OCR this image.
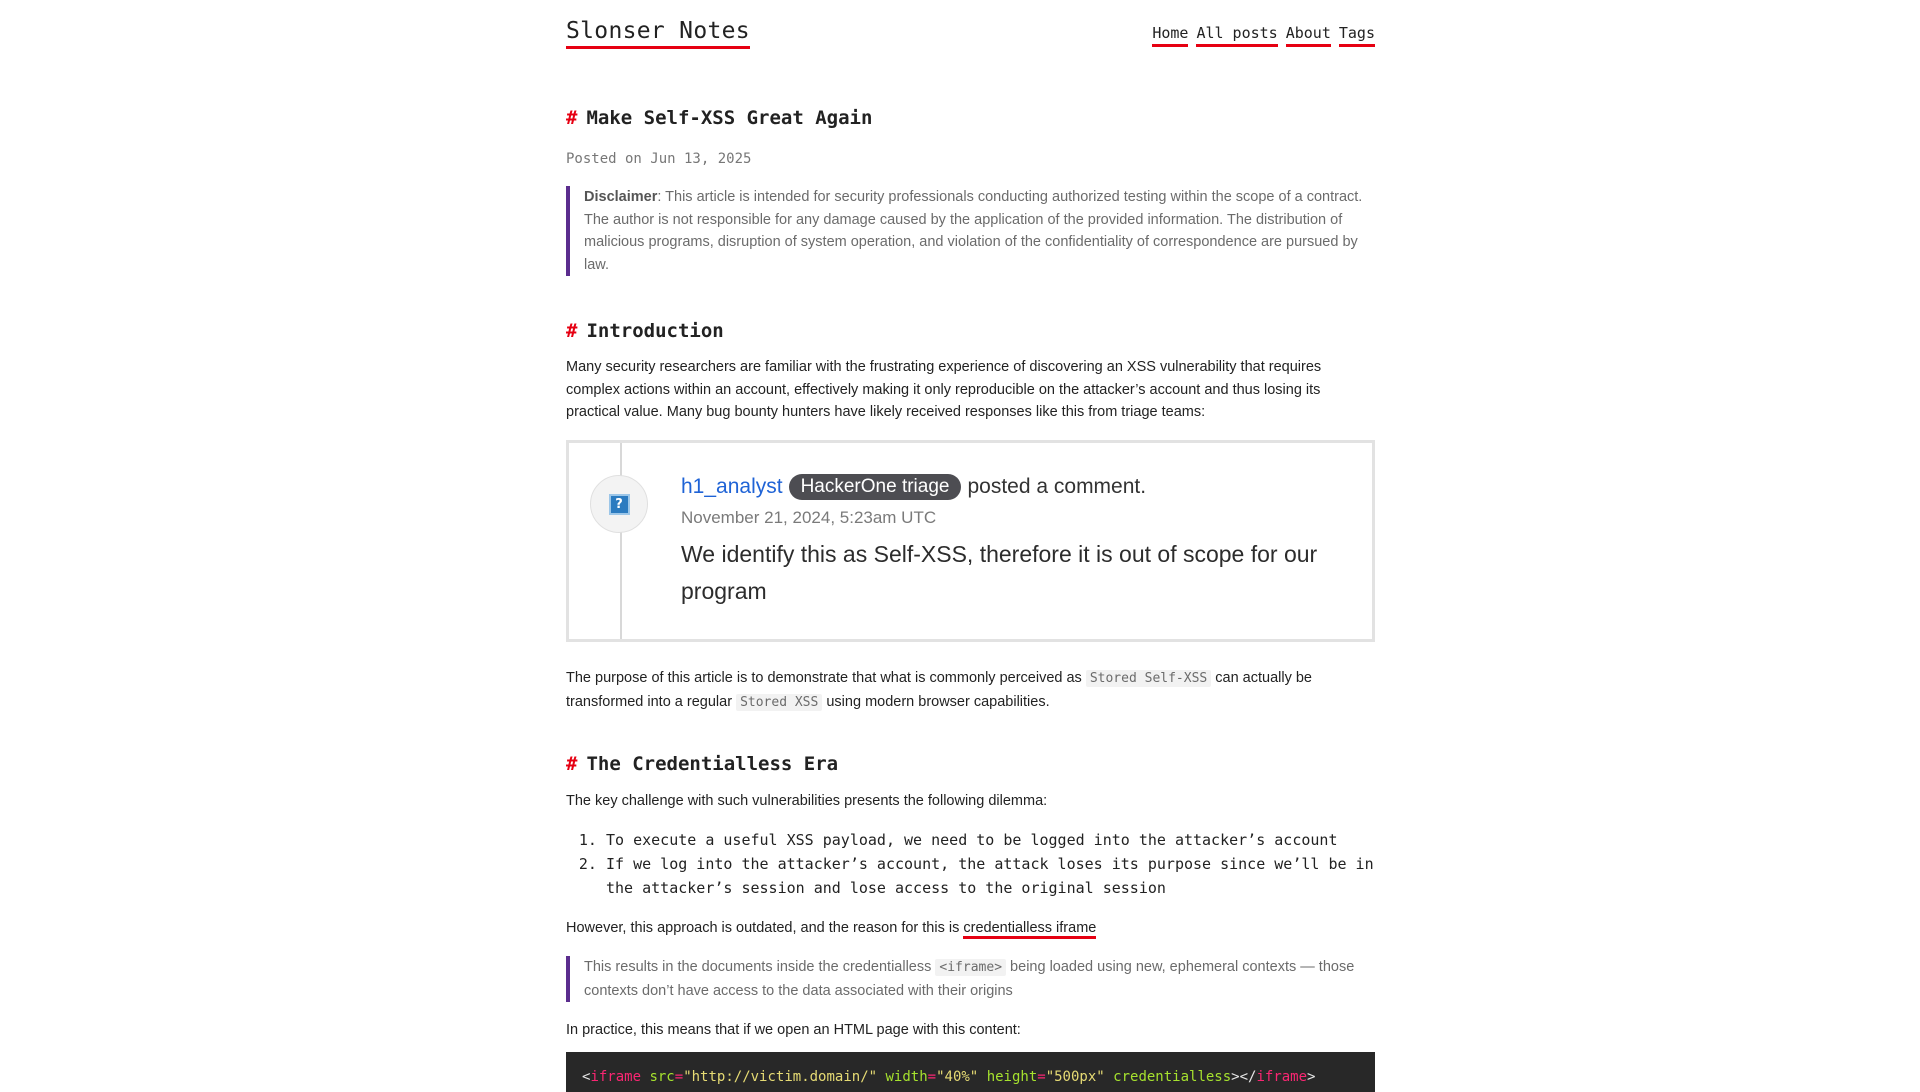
Slonser Notes	Home All posts About Tags
# Make Self-XSS Great Again
Posted on Jun 13, 2025
Disclaimer: This article is intended for security professionals conducting authorized testing within the scope of a contract. The author is not responsible for any damage caused by the application of the provided information. The distribution of malicious programs, disruption of system operation, and violation of the confidentiality of correspondence are pursued by law.
# Introduction

Many security researchers are familiar with the frustrating experience of discovering an XSS vulnerability that requires complex actions within an account, effectively making it only reproducible on the attacker’s account and thus losing its practical value. Many bug bounty hunters have likely received responses like this from triage teams:

?
h1_analyst HackerOne triage posted a comment.
November 21, 2024, 5:23am UTC
We identify this as Self-XSS, therefore it is out of scope for our program

The purpose of this article is to demonstrate that what is commonly perceived as Stored Self-XSS can actually be transformed into a regular Stored XSS using modern browser capabilities.

# The Credentialless Era

The key challenge with such vulnerabilities presents the following dilemma:

1. To execute a useful XSS payload, we need to be logged into the attacker’s account
2. If we log into the attacker’s account, the attack loses its purpose since we’ll be in the attacker’s session and lose access to the original session

However, this approach is outdated, and the reason for this is credentialless iframe

This results in the documents inside the credentialless <iframe> being loaded using new, ephemeral contexts — those contexts don’t have access to the data associated with their origins

In practice, this means that if we open an HTML page with this content:

<iframe src="http://victim.domain/" width="40%" height="500px" credentialless></iframe>
